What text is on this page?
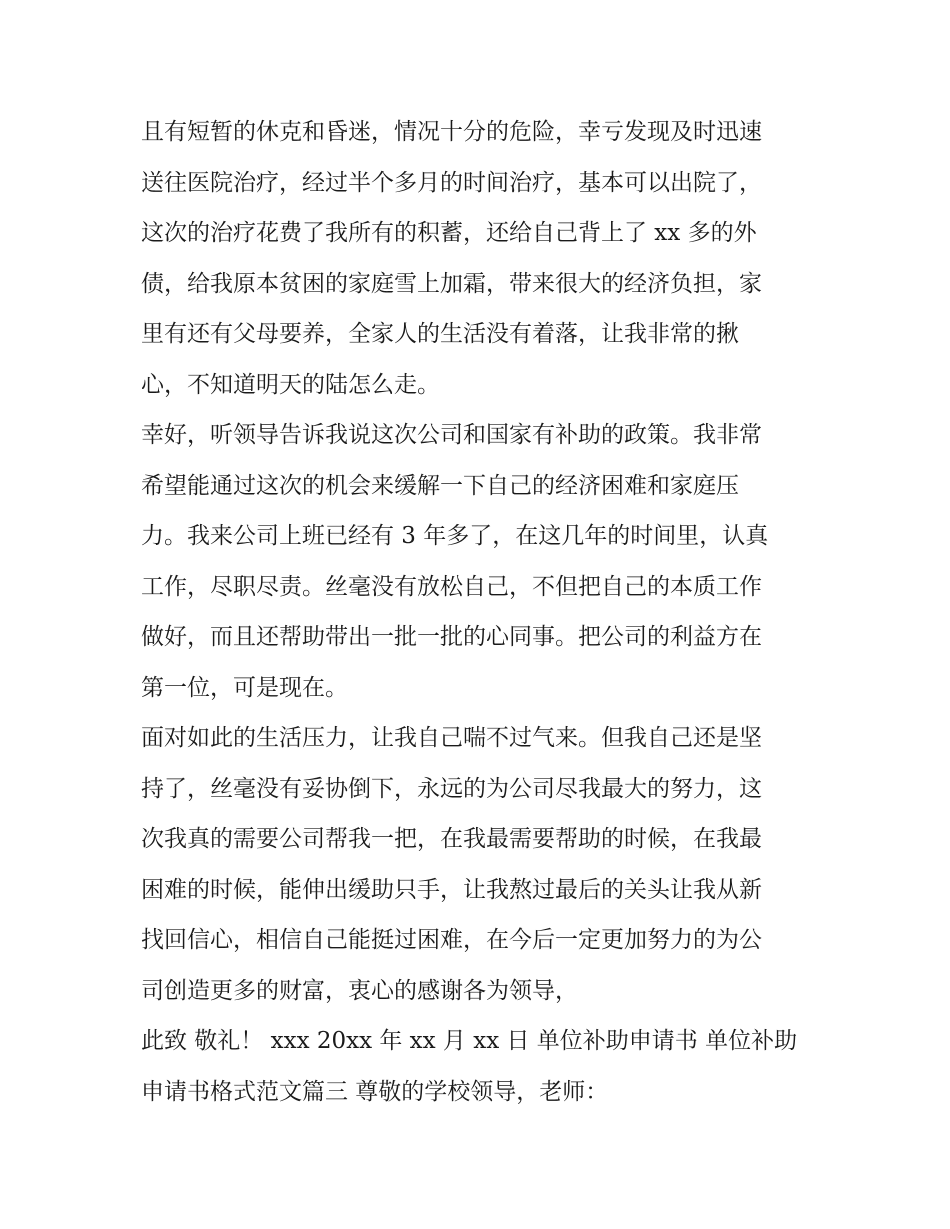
且有短暂的休克和昏迷，情况十分的危险，幸亏发现及时迅速
送往医院治疗，经过半个多月的时间治疗，基本可以出院了，
这次的治疗花费了我所有的积蓄，还给自己背上了 xx 多的外
债，给我原本贫困的家庭雪上加霜，带来很大的经济负担，家
里有还有父母要养，全家人的生活没有着落，让我非常的揪
心，不知道明天的陆怎么走。
幸好，听领导告诉我说这次公司和国家有补助的政策。我非常
希望能通过这次的机会来缓解一下自己的经济困难和家庭压
力。我来公司上班已经有 3 年多了，在这几年的时间里，认真
工作，尽职尽责。丝毫没有放松自己，不但把自己的本质工作
做好，而且还帮助带出一批一批的心同事。把公司的利益方在
第一位，可是现在。
面对如此的生活压力，让我自己喘不过气来。但我自己还是坚
持了，丝毫没有妥协倒下，永远的为公司尽我最大的努力，这
次我真的需要公司帮我一把，在我最需要帮助的时候，在我最
困难的时候，能伸出缓助只手，让我熬过最后的关头让我从新
找回信心，相信自己能挺过困难，在今后一定更加努力的为公
司创造更多的财富，衷心的感谢各为领导，
此致 敬礼！ xxx 20xx 年 xx 月 xx 日 单位补助申请书 单位补助
申请书格式范文篇三 尊敬的学校领导，老师：
